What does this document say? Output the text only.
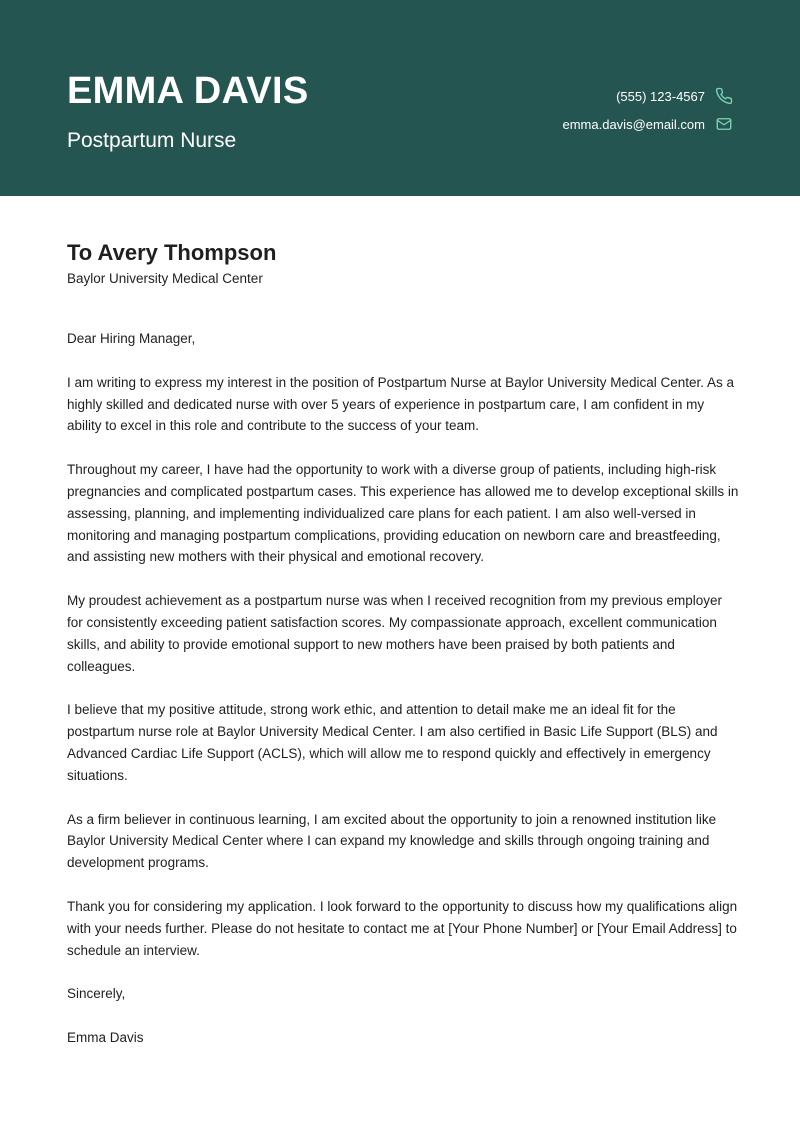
EMMA DAVIS
Postpartum Nurse
(555) 123-4567
emma.davis@email.com
To Avery Thompson
Baylor University Medical Center

Dear Hiring Manager,

I am writing to express my interest in the position of Postpartum Nurse at Baylor University Medical Center. As a highly skilled and dedicated nurse with over 5 years of experience in postpartum care, I am confident in my ability to excel in this role and contribute to the success of your team.

Throughout my career, I have had the opportunity to work with a diverse group of patients, including high-risk pregnancies and complicated postpartum cases. This experience has allowed me to develop exceptional skills in assessing, planning, and implementing individualized care plans for each patient. I am also well-versed in monitoring and managing postpartum complications, providing education on newborn care and breastfeeding, and assisting new mothers with their physical and emotional recovery.

My proudest achievement as a postpartum nurse was when I received recognition from my previous employer for consistently exceeding patient satisfaction scores. My compassionate approach, excellent communication skills, and ability to provide emotional support to new mothers have been praised by both patients and colleagues.

I believe that my positive attitude, strong work ethic, and attention to detail make me an ideal fit for the postpartum nurse role at Baylor University Medical Center. I am also certified in Basic Life Support (BLS) and Advanced Cardiac Life Support (ACLS), which will allow me to respond quickly and effectively in emergency situations.

As a firm believer in continuous learning, I am excited about the opportunity to join a renowned institution like Baylor University Medical Center where I can expand my knowledge and skills through ongoing training and development programs.

Thank you for considering my application. I look forward to the opportunity to discuss how my qualifications align with your needs further. Please do not hesitate to contact me at [Your Phone Number] or [Your Email Address] to schedule an interview.

Sincerely,

Emma Davis
